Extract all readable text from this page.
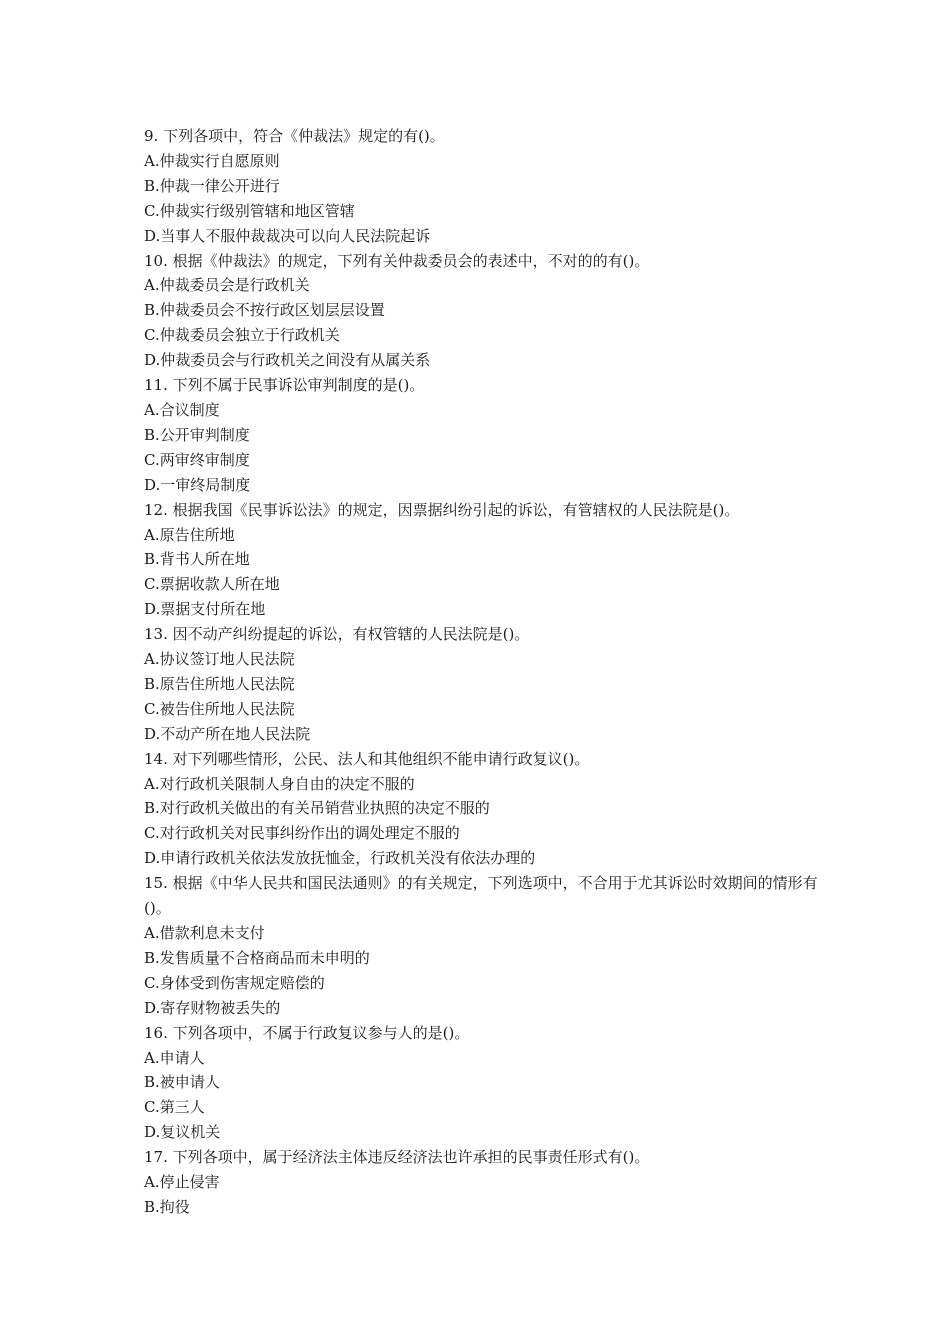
9. 下列各项中，符合《仲裁法》规定的有()。
A.仲裁实行自愿原则
B.仲裁一律公开进行
C.仲裁实行级别管辖和地区管辖
D.当事人不服仲裁裁决可以向人民法院起诉
10. 根据《仲裁法》的规定，下列有关仲裁委员会的表述中，不对的的有()。
A.仲裁委员会是行政机关
B.仲裁委员会不按行政区划层层设置
C.仲裁委员会独立于行政机关
D.仲裁委员会与行政机关之间没有从属关系
11. 下列不属于民事诉讼审判制度的是()。
A.合议制度
B.公开审判制度
C.两审终审制度
D.一审终局制度
12. 根据我国《民事诉讼法》的规定，因票据纠纷引起的诉讼，有管辖权的人民法院是()。
A.原告住所地
B.背书人所在地
C.票据收款人所在地
D.票据支付所在地
13. 因不动产纠纷提起的诉讼，有权管辖的人民法院是()。
A.协议签订地人民法院
B.原告住所地人民法院
C.被告住所地人民法院
D.不动产所在地人民法院
14. 对下列哪些情形，公民、法人和其他组织不能申请行政复议()。
A.对行政机关限制人身自由的决定不服的
B.对行政机关做出的有关吊销营业执照的决定不服的
C.对行政机关对民事纠纷作出的调处理定不服的
D.申请行政机关依法发放抚恤金，行政机关没有依法办理的
15. 根据《中华人民共和国民法通则》的有关规定，下列选项中，不合用于尤其诉讼时效期间的情形有()。
A.借款利息未支付
B.发售质量不合格商品而未申明的
C.身体受到伤害规定赔偿的
D.寄存财物被丢失的
16. 下列各项中，不属于行政复议参与人的是()。
A.申请人
B.被申请人
C.第三人
D.复议机关
17. 下列各项中，属于经济法主体违反经济法也许承担的民事责任形式有()。
A.停止侵害
B.拘役
